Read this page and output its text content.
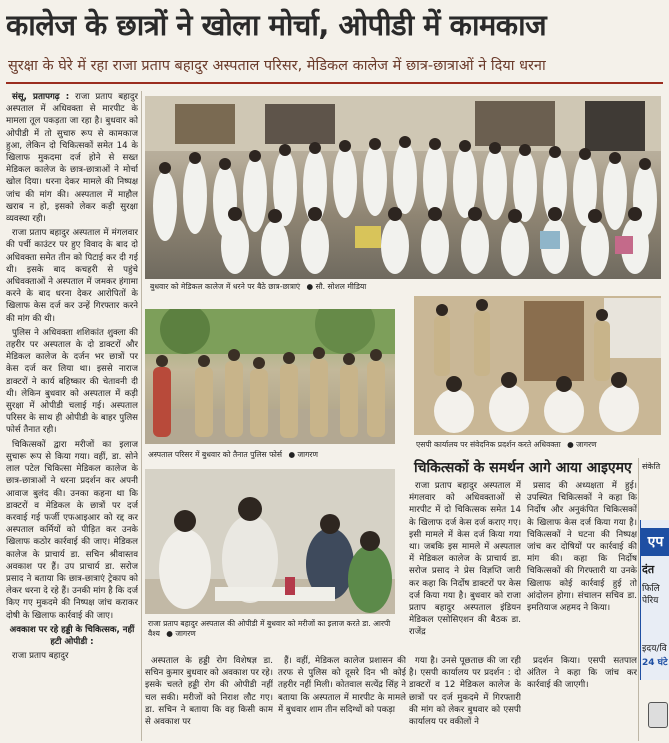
कालेज के छात्रों ने खोला मोर्चा, ओपीडी में कामकाज
सुरक्षा के घेरे में रहा राजा प्रताप बहादुर अस्पताल परिसर, मेडिकल कालेज में छात्र-छात्राओं ने दिया धरना

संसू, प्रतापगढ़ : राजा प्रताप बहादुर अस्पताल में अधिवक्ता से मारपीट के मामला तूल पकड़ता जा रहा है। बुधवार को ओपीडी में तो सुचारु रूप से कामकाज हुआ, लेकिन दो चिकित्सकों समेत 14 के खिलाफ मुकदमा दर्ज होने से सख्त मेडिकल कालेज के छात्र-छात्राओं ने मोर्चा खोल दिया। धरना देकर मामले की निष्पक्ष जांच की मांग की। अस्पताल में माहौल खराब न हो, इसको लेकर कड़ी सुरक्षा व्यवस्था रही।

राजा प्रताप बहादुर अस्पताल में मंगलवार की पर्ची काउंटर पर हुए विवाद के बाद दो अधिवक्ता समेत तीन को पिटाई कर दी गई थी। इसके बाद कचहरी से पहुंचे अधिवक्ताओं ने अस्पताल में जमकर हंगामा करने के बाद धरना देकर आरोपितों के खिलाफ केस दर्ज कर उन्हें गिरफ्तार करने की मांग की थी।

पुलिस ने अधिवक्ता शशिकांत शुक्ला की तहरीर पर अस्पताल के दो डाक्टरों और मेडिकल कालेज के दर्जन भर छात्रों पर केस दर्ज कर लिया था। इससे नाराज डाक्टरों ने कार्य बहिष्कार की चेतावनी दी थी। लेकिन बुधवार को अस्पताल में कड़ी सुरक्षा में ओपीडी चलाई गई। अस्पताल परिसर के साथ ही ओपीडी के बाहर पुलिस फोर्स तैनात रही।

चिकित्सकों द्वारा मरीजों का इलाज सुचारू रूप से किया गया। वहीं, डा. सोने लाल पटेल चिकित्सा मेडिकल कालेज के छात्र-छात्राओं ने धरना प्रदर्शन कर अपनी आवाज बुलंद की। उनका कहना था कि डाक्टरों व मेडिकल के छात्रों पर दर्ज करवाई गई फर्जी एफआइआर को रद्द कर अस्पताल कर्मियों को पीड़ित कर उनके खिलाफ कठोर कार्रवाई की जाए। मेडिकल कालेज के प्राचार्य डा. सचिन श्रीवास्तव अवकाश पर हैं। उप प्राचार्य डा. सरोज प्रसाद ने बताया कि छात्र-छात्राएं ट्रेकाप को लेकर धरना दे रहे हैं। उनकी मांग है कि दर्ज किए गए मुकदमे की निष्पक्ष जांच कराकर दोषी के खिलाफ कार्रवाई की जाए।

अवकाश पर रहे हड्डी के चिकित्सक, नहीं हटी ओपीडी :

राजा प्रताप बहादुर

बुधवार को मेडिकल कालेज में धरने पर बैठे छात्र-छात्राएं ● सौ. सोशल मीडिया
अस्पताल परिसर में बुधवार को तैनात पुलिस फोर्स ● जागरण
एसपी कार्यालय पर संवेदनिक प्रदर्शन करते अधिवक्ता ● जागरण
चिकित्सकों के समर्थन आगे आया आइएमए	संकेति
राजा प्रताप बहादुर अस्पताल की ओपीडी में बुधवार को मरीजों का इलाज करते डा. आरपी वैश्य ● जागरण

राजा प्रताप बहादुर अस्पताल में मंगलवार को अधिवक्ताओं से मारपीट में दो चिकित्सक समेत 14 के खिलाफ दर्ज केस दर्ज कराए गए। इसी मामले में केस दर्ज किया गया था। जबकि इस मामले में अस्पताल में मेडिकल कालेज के प्राचार्य डा. सरोज प्रसाद ने प्रेस विज्ञप्ति जारी कर कहा कि निर्दोष डाक्टरों पर केस दर्ज किया गया है। बुधवार को राजा प्रताप बहादुर अस्पताल इंडियन मेडिकल एसोसिएशन की बैठक डा. राजेंद्र

प्रसाद की अध्यक्षता में हुई। उपस्थित चिकित्सकों ने कहा कि निर्दोष और अनुकंपित चिकित्सकों के खिलाफ केस दर्ज किया गया है। चिकित्सकों ने घटना की निष्पक्ष जांच कर दोषियों पर कार्रवाई की मांग की। कहा कि निर्दोष चिकित्सकों की गिरफ्तारी या उनके खिलाफ कोई कार्रवाई हुई तो आंदोलन होगा। संचालन सचिव डा. इमतियाज अहमद ने किया।

अस्पताल के हड्डी रोग विशेषज्ञ डा. सचिन कुमार बुधवार को अवकाश पर रहे। इसके चलते हड्डी रोग की ओपीडी नहीं चल सकी। मरीजों को निराश लौट गए। डा. सचिन ने बताया कि वह किसी काम से अवकाश पर

हैं। वहीं, मेडिकल कालेज प्रशासन की तरफ से पुलिस को दूसरे दिन भी कोई तहरीर नहीं मिली। कोतवाल सत्येंद्र सिंह ने बताया कि अस्पताल में मारपीट के मामले में बुधवार शाम तीन सदिग्धों को पकड़ा

गया है। उनसे पूछताछ की जा रही है। एसपी कार्यालय पर प्रदर्शन : दो डाक्टरों व 12 मेडिकल कालेज के छात्रों पर दर्ज मुकदमे में गिरफ्तारी की मांग को लेकर बुधवार को एसपी कार्यालय पर वकीलों ने

प्रदर्शन किया। एसपी सतपाल अंतिल ने कहा कि जांच कर कार्रवाई की जाएगी।

एप
दंत
फिलि
पेरिय
इदय/वि
24 घंटे
